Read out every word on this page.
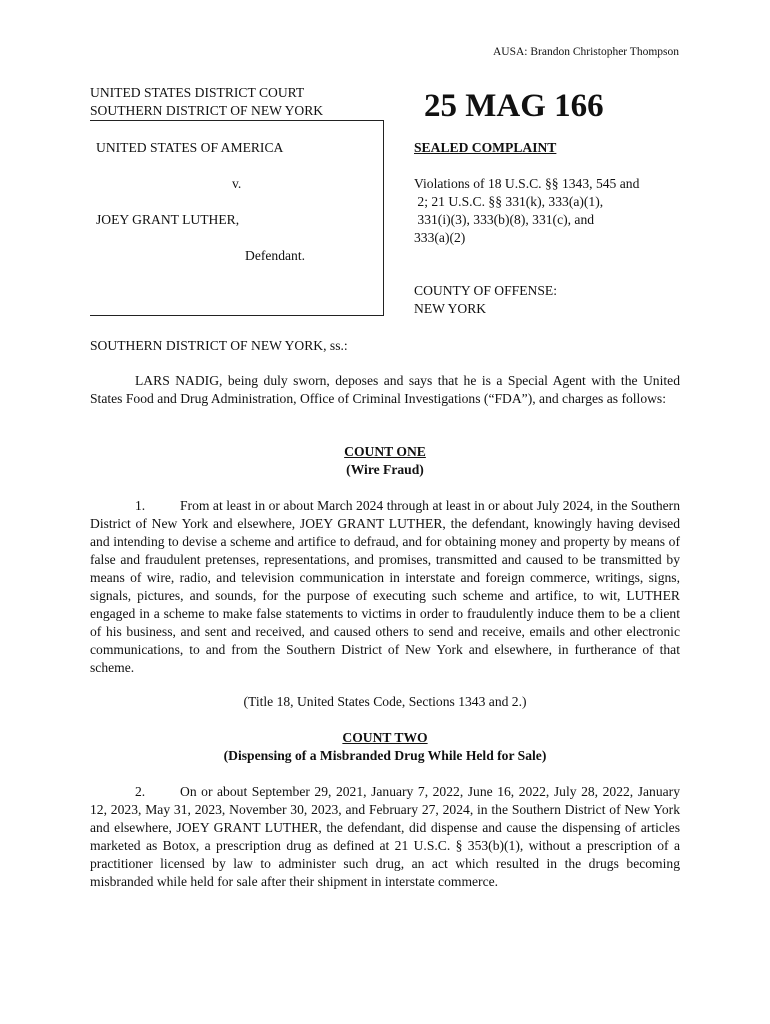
AUSA: Brandon Christopher Thompson
UNITED STATES DISTRICT COURT
SOUTHERN DISTRICT OF NEW YORK	25 MAG 166
UNITED STATES OF AMERICA
v.
JOEY GRANT LUTHER,
Defendant.
SEALED COMPLAINT
Violations of 18 U.S.C. §§ 1343, 545 and
2; 21 U.S.C. §§ 331(k), 333(a)(1),
331(i)(3), 333(b)(8), 331(c), and
333(a)(2)
COUNTY OF OFFENSE:
NEW YORK
SOUTHERN DISTRICT OF NEW YORK, ss.:
LARS NADIG, being duly sworn, deposes and says that he is a Special Agent with the United States Food and Drug Administration, Office of Criminal Investigations (“FDA”), and charges as follows:
COUNT ONE
(Wire Fraud)
1.	From at least in or about March 2024 through at least in or about July 2024, in the Southern District of New York and elsewhere, JOEY GRANT LUTHER, the defendant, knowingly having devised and intending to devise a scheme and artifice to defraud, and for obtaining money and property by means of false and fraudulent pretenses, representations, and promises, transmitted and caused to be transmitted by means of wire, radio, and television communication in interstate and foreign commerce, writings, signs, signals, pictures, and sounds, for the purpose of executing such scheme and artifice, to wit, LUTHER engaged in a scheme to make false statements to victims in order to fraudulently induce them to be a client of his business, and sent and received, and caused others to send and receive, emails and other electronic communications, to and from the Southern District of New York and elsewhere, in furtherance of that scheme.
(Title 18, United States Code, Sections 1343 and 2.)
COUNT TWO
(Dispensing of a Misbranded Drug While Held for Sale)
2.	On or about September 29, 2021, January 7, 2022, June 16, 2022, July 28, 2022, January 12, 2023, May 31, 2023, November 30, 2023, and February 27, 2024, in the Southern District of New York and elsewhere, JOEY GRANT LUTHER, the defendant, did dispense and cause the dispensing of articles marketed as Botox, a prescription drug as defined at 21 U.S.C. § 353(b)(1), without a prescription of a practitioner licensed by law to administer such drug, an act which resulted in the drugs becoming misbranded while held for sale after their shipment in interstate commerce.
